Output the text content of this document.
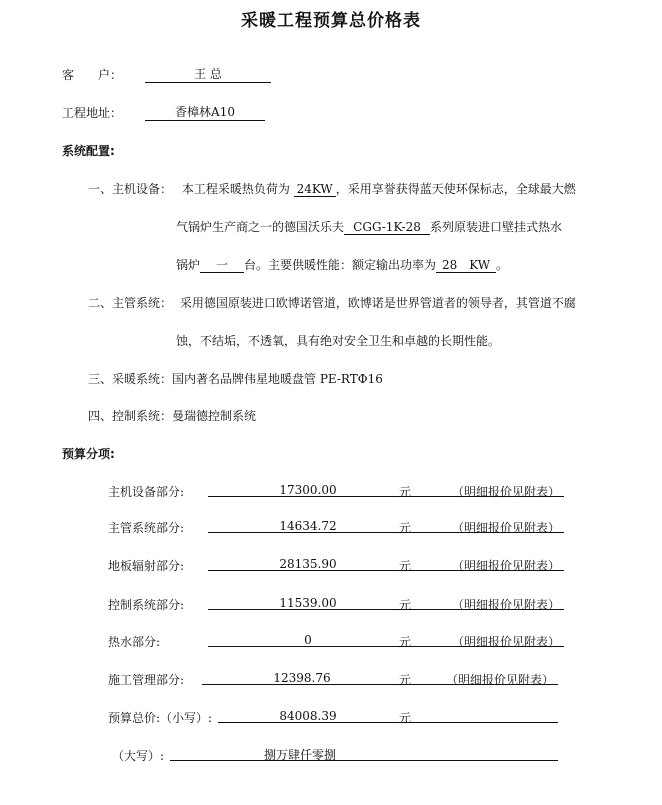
采暖工程预算总价格表
客　　户：	王 总
工程地址：	香樟林A10
系统配置:
一、主机设备： 本工程采暖热负荷为 24KW ，采用享誉获得蓝天使环保标志，全球最大燃
气锅炉生产商之一的德国沃乐夫 CGG-1K-28 系列原装进口壁挂式热水
锅炉 一 台。主要供暖性能：额定输出功率为 28　KW 。
二、主管系统： 采用德国原装进口欧博诺管道，欧博诺是世界管道者的领导者，其管道不腐
蚀，不结垢，不透氧，具有绝对安全卫生和卓越的长期性能。
三、采暖系统：国内著名品牌伟星地暖盘管 PE-RTΦ16
四、控制系统：曼瑞德控制系统
预算分项:
主机设备部分:	17300.00	元	（明细报价见附表）
主管系统部分:	14634.72	元	（明细报价见附表）
地板辐射部分:	28135.90	元	（明细报价见附表）
控制系统部分:	11539.00	元	（明细报价见附表）
热水部分:	0	元	（明细报价见附表）
施工管理部分:	12398.76	元	（明细报价见附表）
预算总价:（小写）:	84008.39	元
（大写）:	捌万肆仟零捌
